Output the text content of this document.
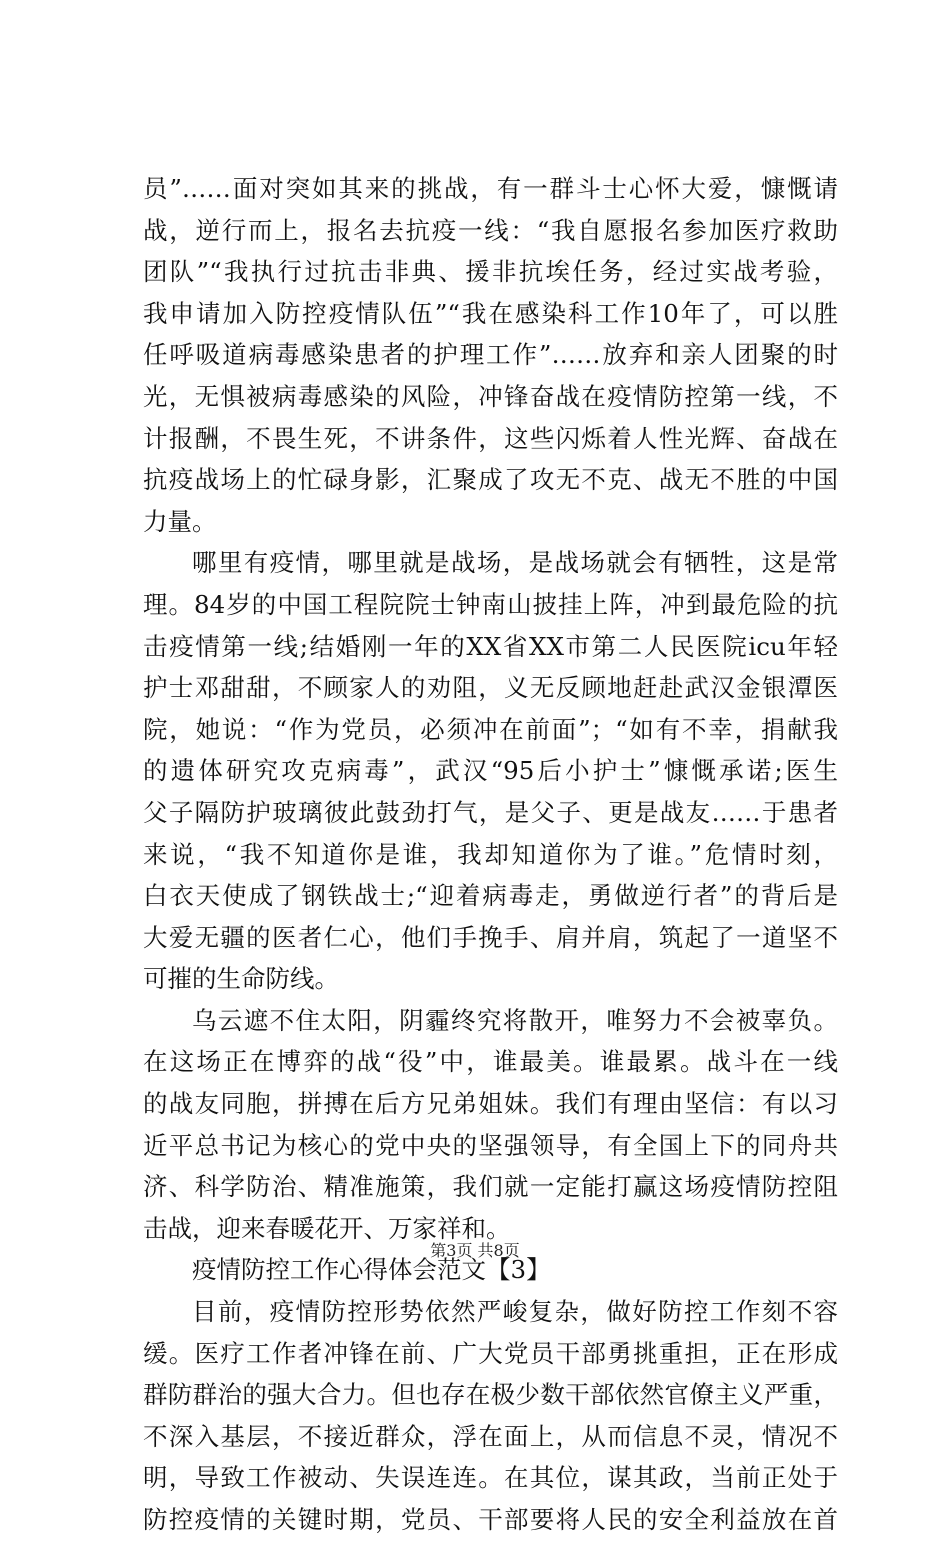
员”……面对突如其来的挑战，有一群斗士心怀大爱，慷慨请
战，逆行而上，报名去抗疫一线：“我自愿报名参加医疗救助
团队”“我执行过抗击非典、援非抗埃任务，经过实战考验，
我申请加入防控疫情队伍”“我在感染科工作10年了，可以胜
任呼吸道病毒感染患者的护理工作”……放弃和亲人团聚的时
光，无惧被病毒感染的风险，冲锋奋战在疫情防控第一线，不
计报酬，不畏生死，不讲条件，这些闪烁着人性光辉、奋战在
抗疫战场上的忙碌身影，汇聚成了攻无不克、战无不胜的中国
力量。
哪里有疫情，哪里就是战场，是战场就会有牺牲，这是常
理。84岁的中国工程院院士钟南山披挂上阵，冲到最危险的抗
击疫情第一线;结婚刚一年的XX省XX市第二人民医院icu年轻
护士邓甜甜，不顾家人的劝阻，义无反顾地赶赴武汉金银潭医
院，她说：“作为党员，必须冲在前面”；“如有不幸，捐献我
的遗体研究攻克病毒”，武汉“95后小护士”慷慨承诺;医生
父子隔防护玻璃彼此鼓劲打气，是父子、更是战友……于患者
来说，“我不知道你是谁，我却知道你为了谁。”危情时刻，
白衣天使成了钢铁战士;“迎着病毒走，勇做逆行者”的背后是
大爱无疆的医者仁心，他们手挽手、肩并肩，筑起了一道坚不
可摧的生命防线。
乌云遮不住太阳，阴霾终究将散开，唯努力不会被辜负。
在这场正在博弈的战“役”中，谁最美。谁最累。战斗在一线
的战友同胞，拼搏在后方兄弟姐妹。我们有理由坚信：有以习
近平总书记为核心的党中央的坚强领导，有全国上下的同舟共
济、科学防治、精准施策，我们就一定能打赢这场疫情防控阻
击战，迎来春暖花开、万家祥和。
疫情防控工作心得体会范文【3】
目前，疫情防控形势依然严峻复杂，做好防控工作刻不容
缓。医疗工作者冲锋在前、广大党员干部勇挑重担，正在形成
群防群治的强大合力。但也存在极少数干部依然官僚主义严重，
不深入基层，不接近群众，浮在面上，从而信息不灵，情况不
明，导致工作被动、失误连连。在其位，谋其政，当前正处于
防控疫情的关键时期，党员、干部要将人民的安全利益放在首
第3页 共8页
